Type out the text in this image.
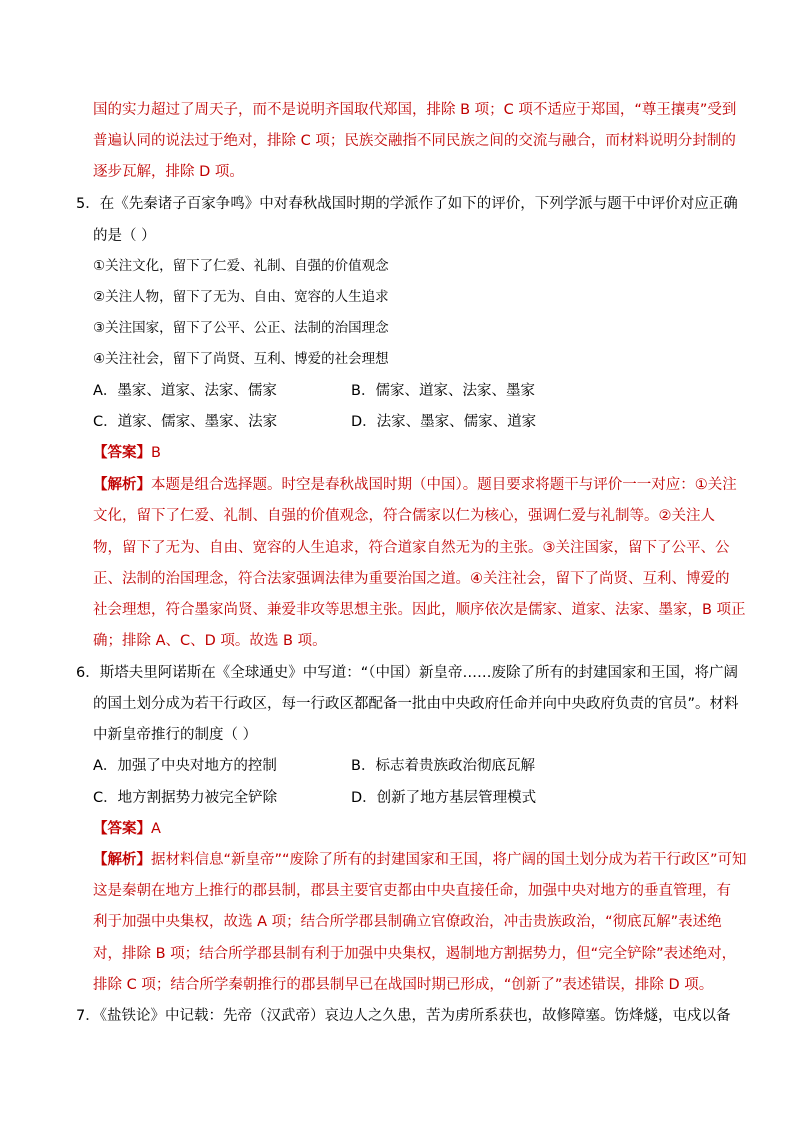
国的实力超过了周天子，而不是说明齐国取代郑国，排除 B 项；C 项不适应于郑国，“尊王攘夷”受到
普遍认同的说法过于绝对，排除 C 项；民族交融指不同民族之间的交流与融合，而材料说明分封制的
逐步瓦解，排除 D 项。
5．在《先秦诸子百家争鸣》中对春秋战国时期的学派作了如下的评价，下列学派与题干中评价对应正确
的是（ ）
①关注文化，留下了仁爱、礼制、自强的价值观念
②关注人物，留下了无为、自由、宽容的人生追求
③关注国家，留下了公平、公正、法制的治国理念
④关注社会，留下了尚贤、互利、博爱的社会理想
A．墨家、道家、法家、儒家	B．儒家、道家、法家、墨家
C．道家、儒家、墨家、法家	D．法家、墨家、儒家、道家
【答案】B
【解析】本题是组合选择题。时空是春秋战国时期（中国）。题目要求将题干与评价一一对应：①关注
文化，留下了仁爱、礼制、自强的价值观念，符合儒家以仁为核心，强调仁爱与礼制等。②关注人
物，留下了无为、自由、宽容的人生追求，符合道家自然无为的主张。③关注国家，留下了公平、公
正、法制的治国理念，符合法家强调法律为重要治国之道。④关注社会，留下了尚贤、互利、博爱的
社会理想，符合墨家尚贤、兼爱非攻等思想主张。因此，顺序依次是儒家、道家、法家、墨家，B 项正
确；排除 A、C、D 项。故选 B 项。
6．斯塔夫里阿诺斯在《全球通史》中写道：“（中国）新皇帝……废除了所有的封建国家和王国，将广阔
的国土划分成为若干行政区，每一行政区都配备一批由中央政府任命并向中央政府负责的官员”。材料
中新皇帝推行的制度（ ）
A．加强了中央对地方的控制	B．标志着贵族政治彻底瓦解
C．地方割据势力被完全铲除	D．创新了地方基层管理模式
【答案】A
【解析】据材料信息“新皇帝”“废除了所有的封建国家和王国，将广阔的国土划分成为若干行政区”可知
这是秦朝在地方上推行的郡县制，郡县主要官吏都由中央直接任命，加强中央对地方的垂直管理，有
利于加强中央集权，故选 A 项；结合所学郡县制确立官僚政治，冲击贵族政治，“彻底瓦解”表述绝
对，排除 B 项；结合所学郡县制有利于加强中央集权，遏制地方割据势力，但“完全铲除”表述绝对，
排除 C 项；结合所学秦朝推行的郡县制早已在战国时期已形成，“创新了”表述错误，排除 D 项。
7．《盐铁论》中记载：先帝（汉武帝）哀边人之久患，苦为虏所系获也，故修障塞。饬烽燧，屯戍以备
